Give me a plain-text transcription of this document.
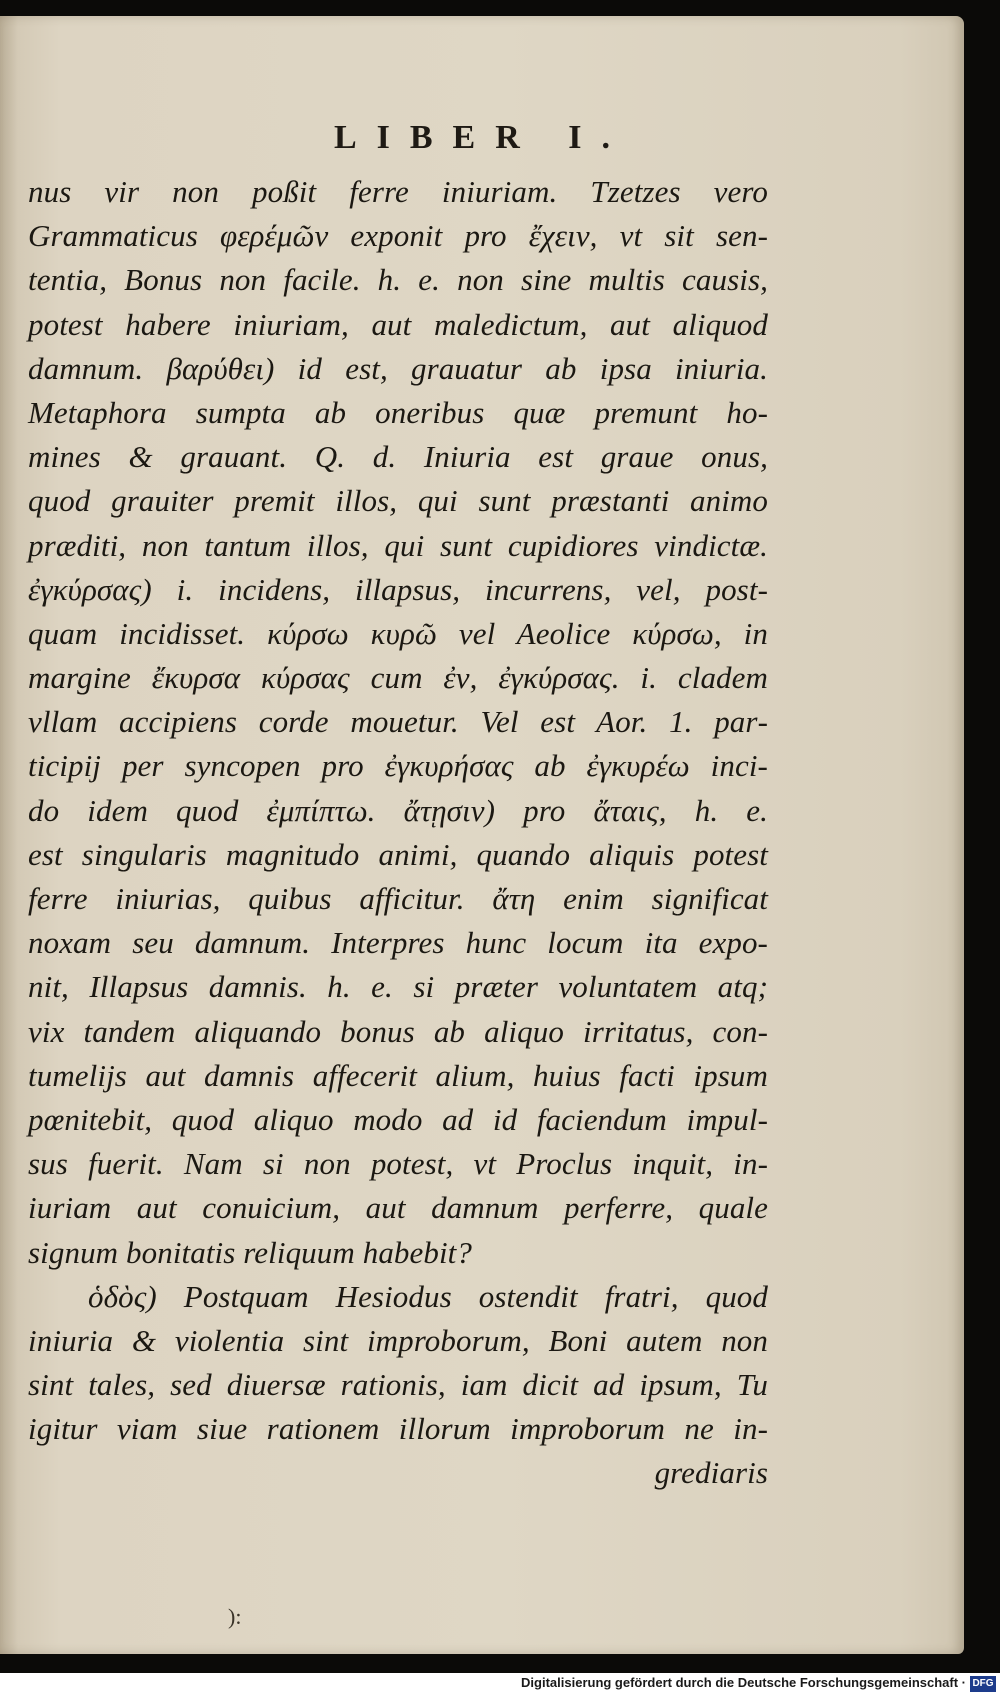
LIBER I.
nus vir non poßit ferre iniuriam. Tzetzes vero
Grammaticus φερέμῶν exponit pro ἔχειν, vt sit sen‑
tentia, Bonus non facile. h. e. non sine multis causis,
potest habere iniuriam, aut maledictum, aut aliquod
damnum. βαρύθει) id est, grauatur ab ipsa iniuria.
Metaphora sumpta ab oneribus quæ premunt ho‑
mines & grauant. Q. d. Iniuria est graue onus,
quod grauiter premit illos, qui sunt præstanti animo
præditi, non tantum illos, qui sunt cupidiores vindictæ.
ἐγκύρσας) i. incidens, illapsus, incurrens, vel, post‑
quam incidisset. κύρσω κυρῶ vel Aeolice κύρσω, in
margine ἔκυρσα κύρσας cum ἐν, ἐγκύρσας. i. cladem
vllam accipiens corde mouetur. Vel est Aor. 1. par‑
ticipij per syncopen pro ἐγκυρήσας ab ἐγκυρέω inci‑
do idem quod ἐμπίπτω. ἄτῃσιν) pro ἄταις, h. e.
est singularis magnitudo animi, quando aliquis potest
ferre iniurias, quibus afficitur. ἄτη enim significat
noxam seu damnum. Interpres hunc locum ita expo‑
nit, Illapsus damnis. h. e. si præter voluntatem atq;
vix tandem aliquando bonus ab aliquo irritatus, con‑
tumelijs aut damnis affecerit alium, huius facti ipsum
pœnitebit, quod aliquo modo ad id faciendum impul‑
sus fuerit. Nam si non potest, vt Proclus inquit, in‑
iuriam aut conuicium, aut damnum perferre, quale
signum bonitatis reliquum habebit?
ὁδὸς) Postquam Hesiodus ostendit fratri, quod
iniuria & violentia sint improborum, Boni autem non
sint tales, sed diuersæ rationis, iam dicit ad ipsum, Tu
igitur viam siue rationem illorum improborum ne in‑
grediaris
):
Digitalisierung gefördert durch die Deutsche Forschungsgemeinschaft · DFG
